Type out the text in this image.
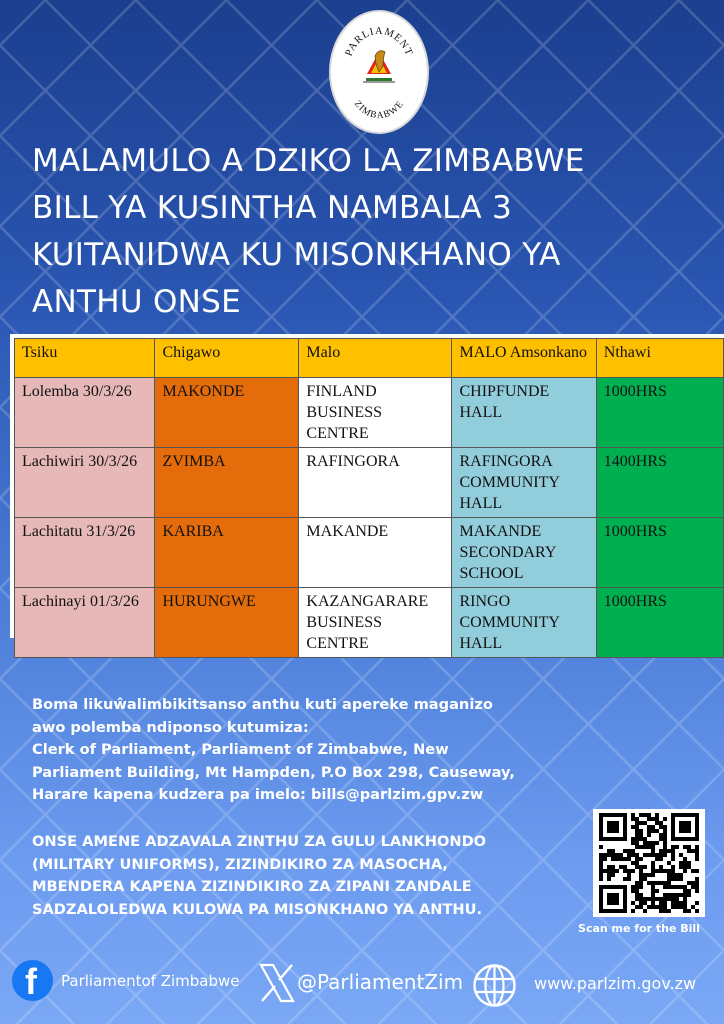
PARLIAMENT
ZIMBABWE
MALAMULO A DZIKO LA ZIMBABWE
BILL YA KUSINTHA NAMBALA 3
KUITANIDWA KU MISONKHANO YA
ANTHU ONSE
Tsiku	Chigawo	Malo	MALO Amsonkano	Nthawi
Lolemba 30/3/26	MAKONDE	FINLAND BUSINESS CENTRE	CHIPFUNDE HALL	1000HRS
Lachiwiri 30/3/26	ZVIMBA	RAFINGORA	RAFINGORA COMMUNITY HALL	1400HRS
Lachitatu 31/3/26	KARIBA	MAKANDE	MAKANDE SECONDARY SCHOOL	1000HRS
Lachinayi 01/3/26	HURUNGWE	KAZANGARARE BUSINESS CENTRE	RINGO COMMUNITY HALL	1000HRS
Boma likuŵalimbikitsanso anthu kuti apereke maganizo
awo polemba ndiponso kutumiza:
Clerk of Parliament, Parliament of Zimbabwe, New
Parliament Building, Mt Hampden, P.O Box 298, Causeway,
Harare kapena kudzera pa imelo: bills@parlzim.gpv.zw
ONSE AMENE ADZAVALA ZINTHU ZA GULU LANKHONDO
(MILITARY UNIFORMS), ZIZINDIKIRO ZA MASOCHA,
MBENDERA KAPENA ZIZINDIKIRO ZA ZIPANI ZANDALE
SADZALOLEDWA KULOWA PA MISONKHANO YA ANTHU.
Scan me for the Bill
f Parliamentof Zimbabwe	@ParliamentZim	www.parlzim.gov.zw
